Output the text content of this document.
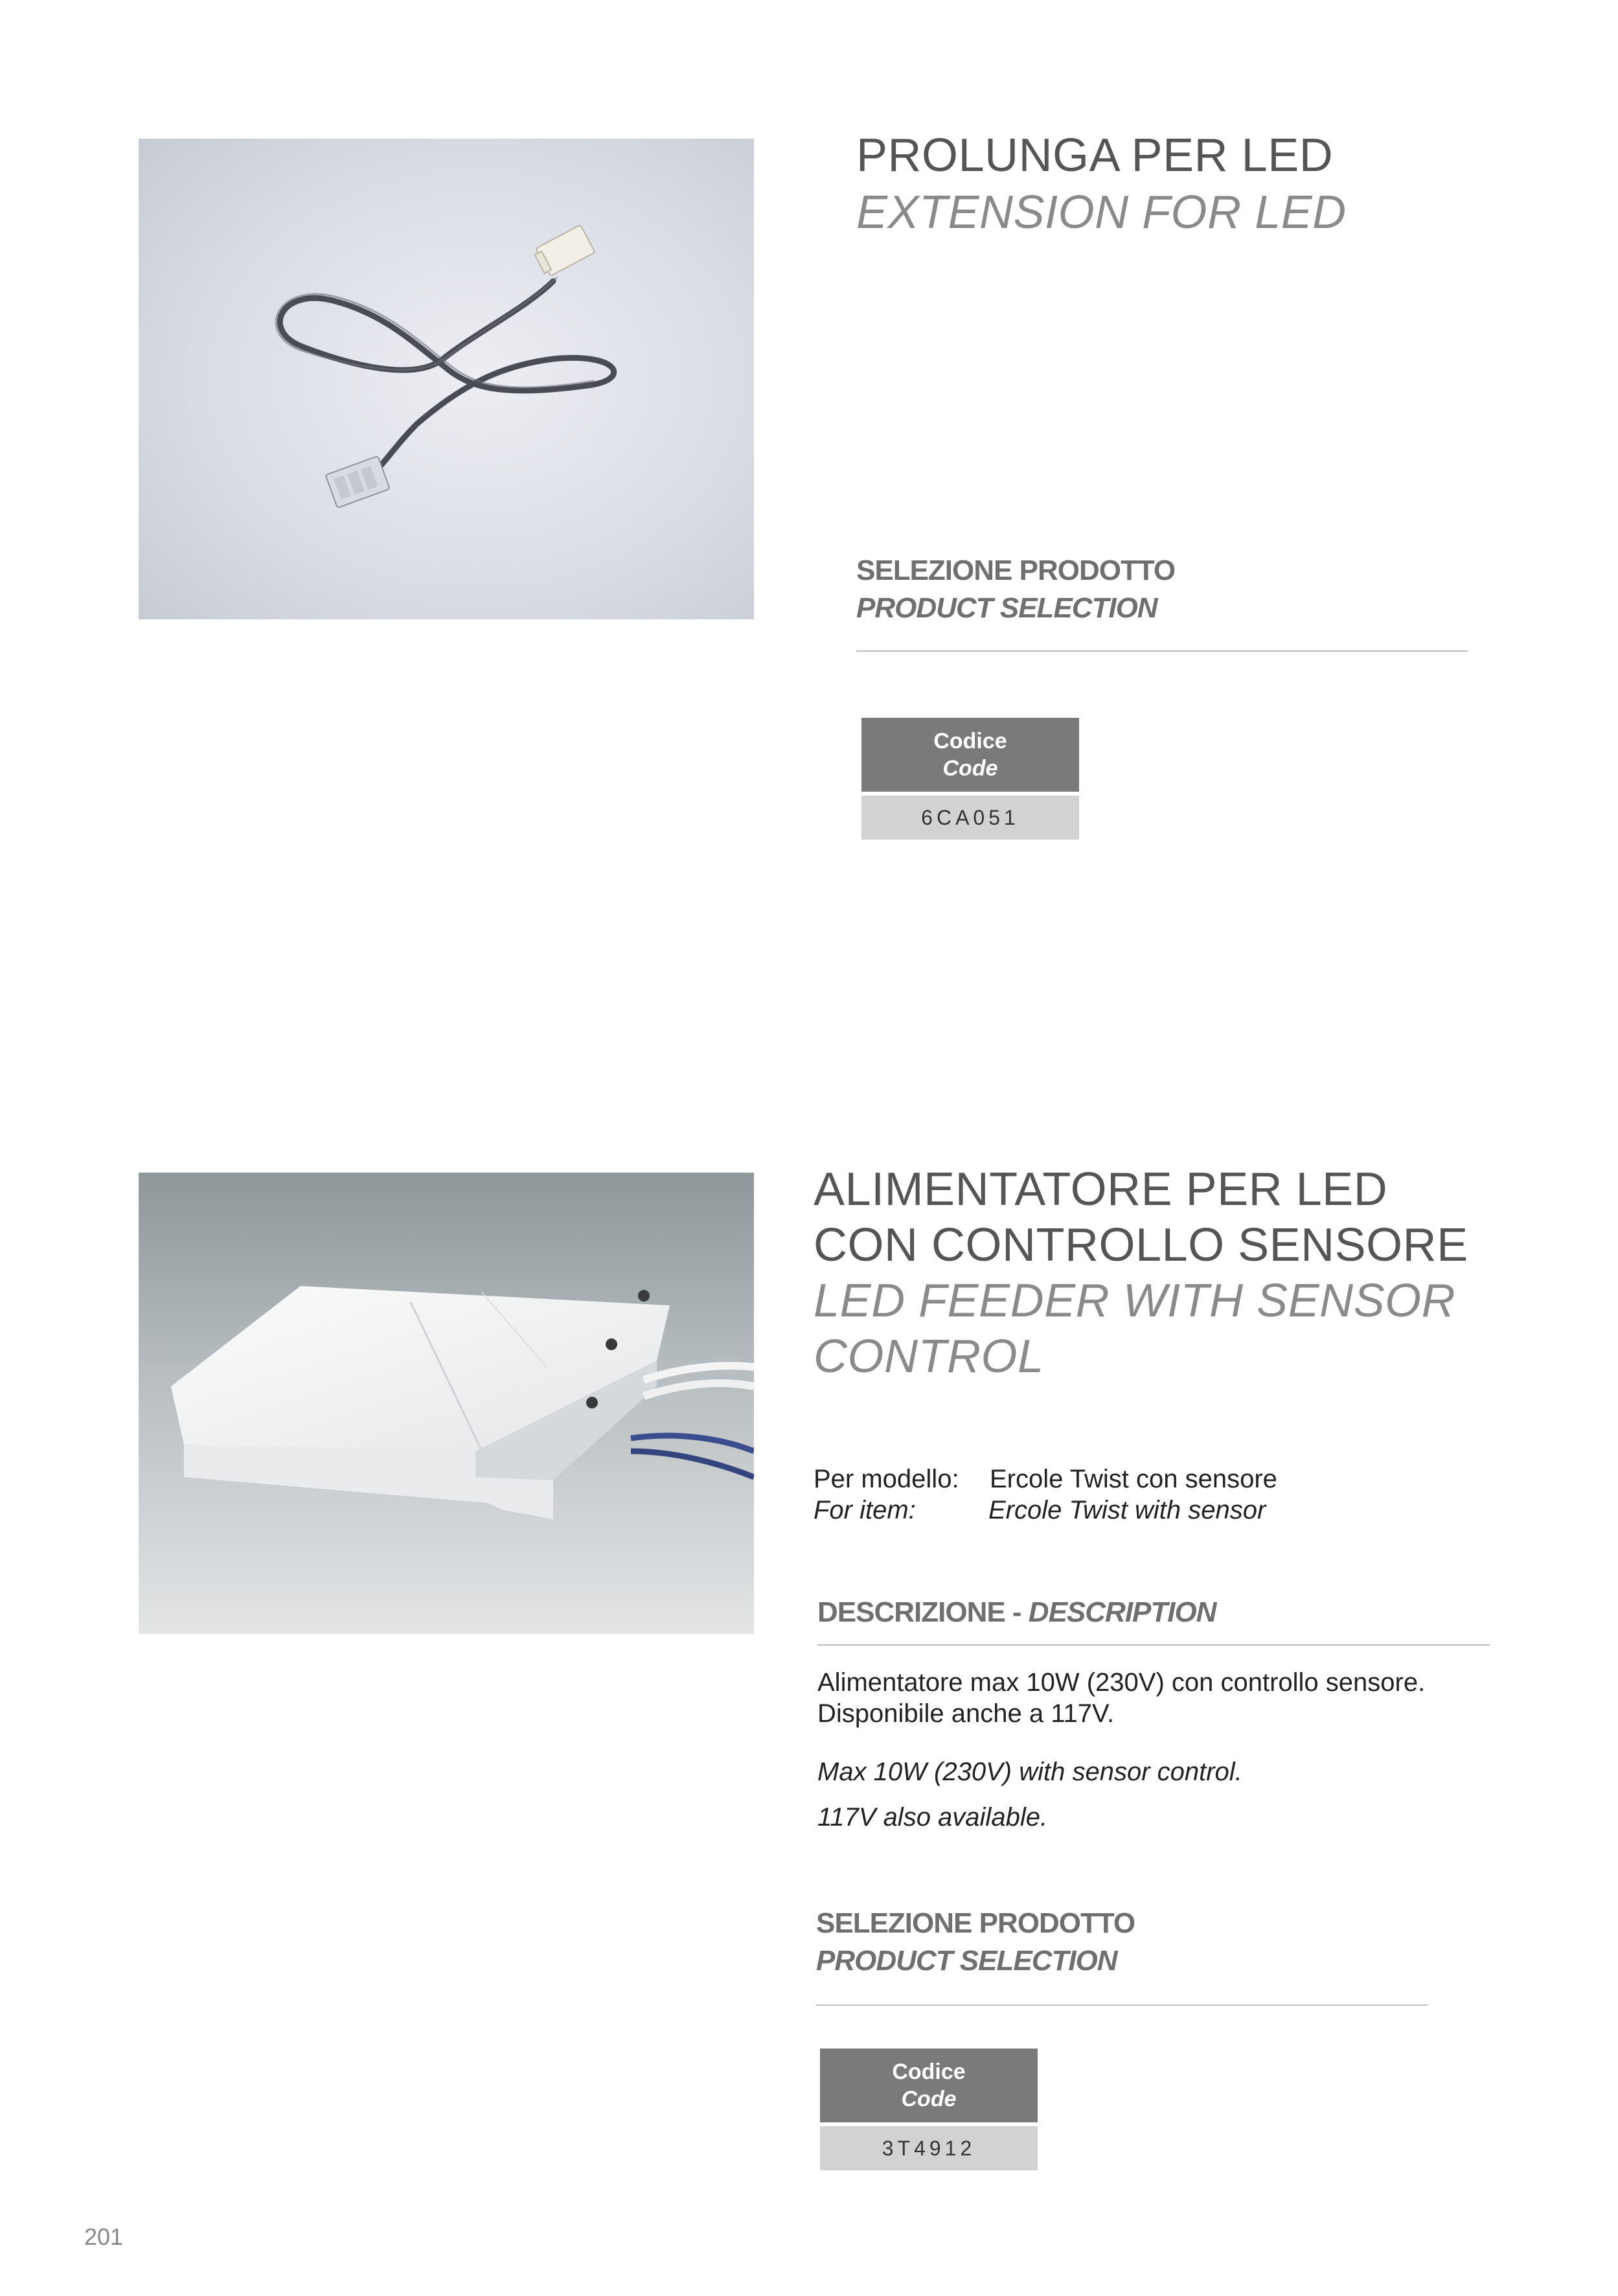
PROLUNGA PER LED
EXTENSION FOR LED
SELEZIONE PRODOTTO
PRODUCT SELECTION
Codice
Code
6CA051
ALIMENTATORE PER LED
CON CONTROLLO SENSORE
LED FEEDER WITH SENSOR
CONTROL
Per modello: Ercole Twist con sensore
For item:	Ercole Twist with sensor
DESCRIZIONE - DESCRIPTION
Alimentatore max 10W (230V) con controllo sensore.
Disponibile anche a 117V.
Max 10W (230V) with sensor control.
117V also available.
SELEZIONE PRODOTTO
PRODUCT SELECTION
Codice
Code
3T4912
201
